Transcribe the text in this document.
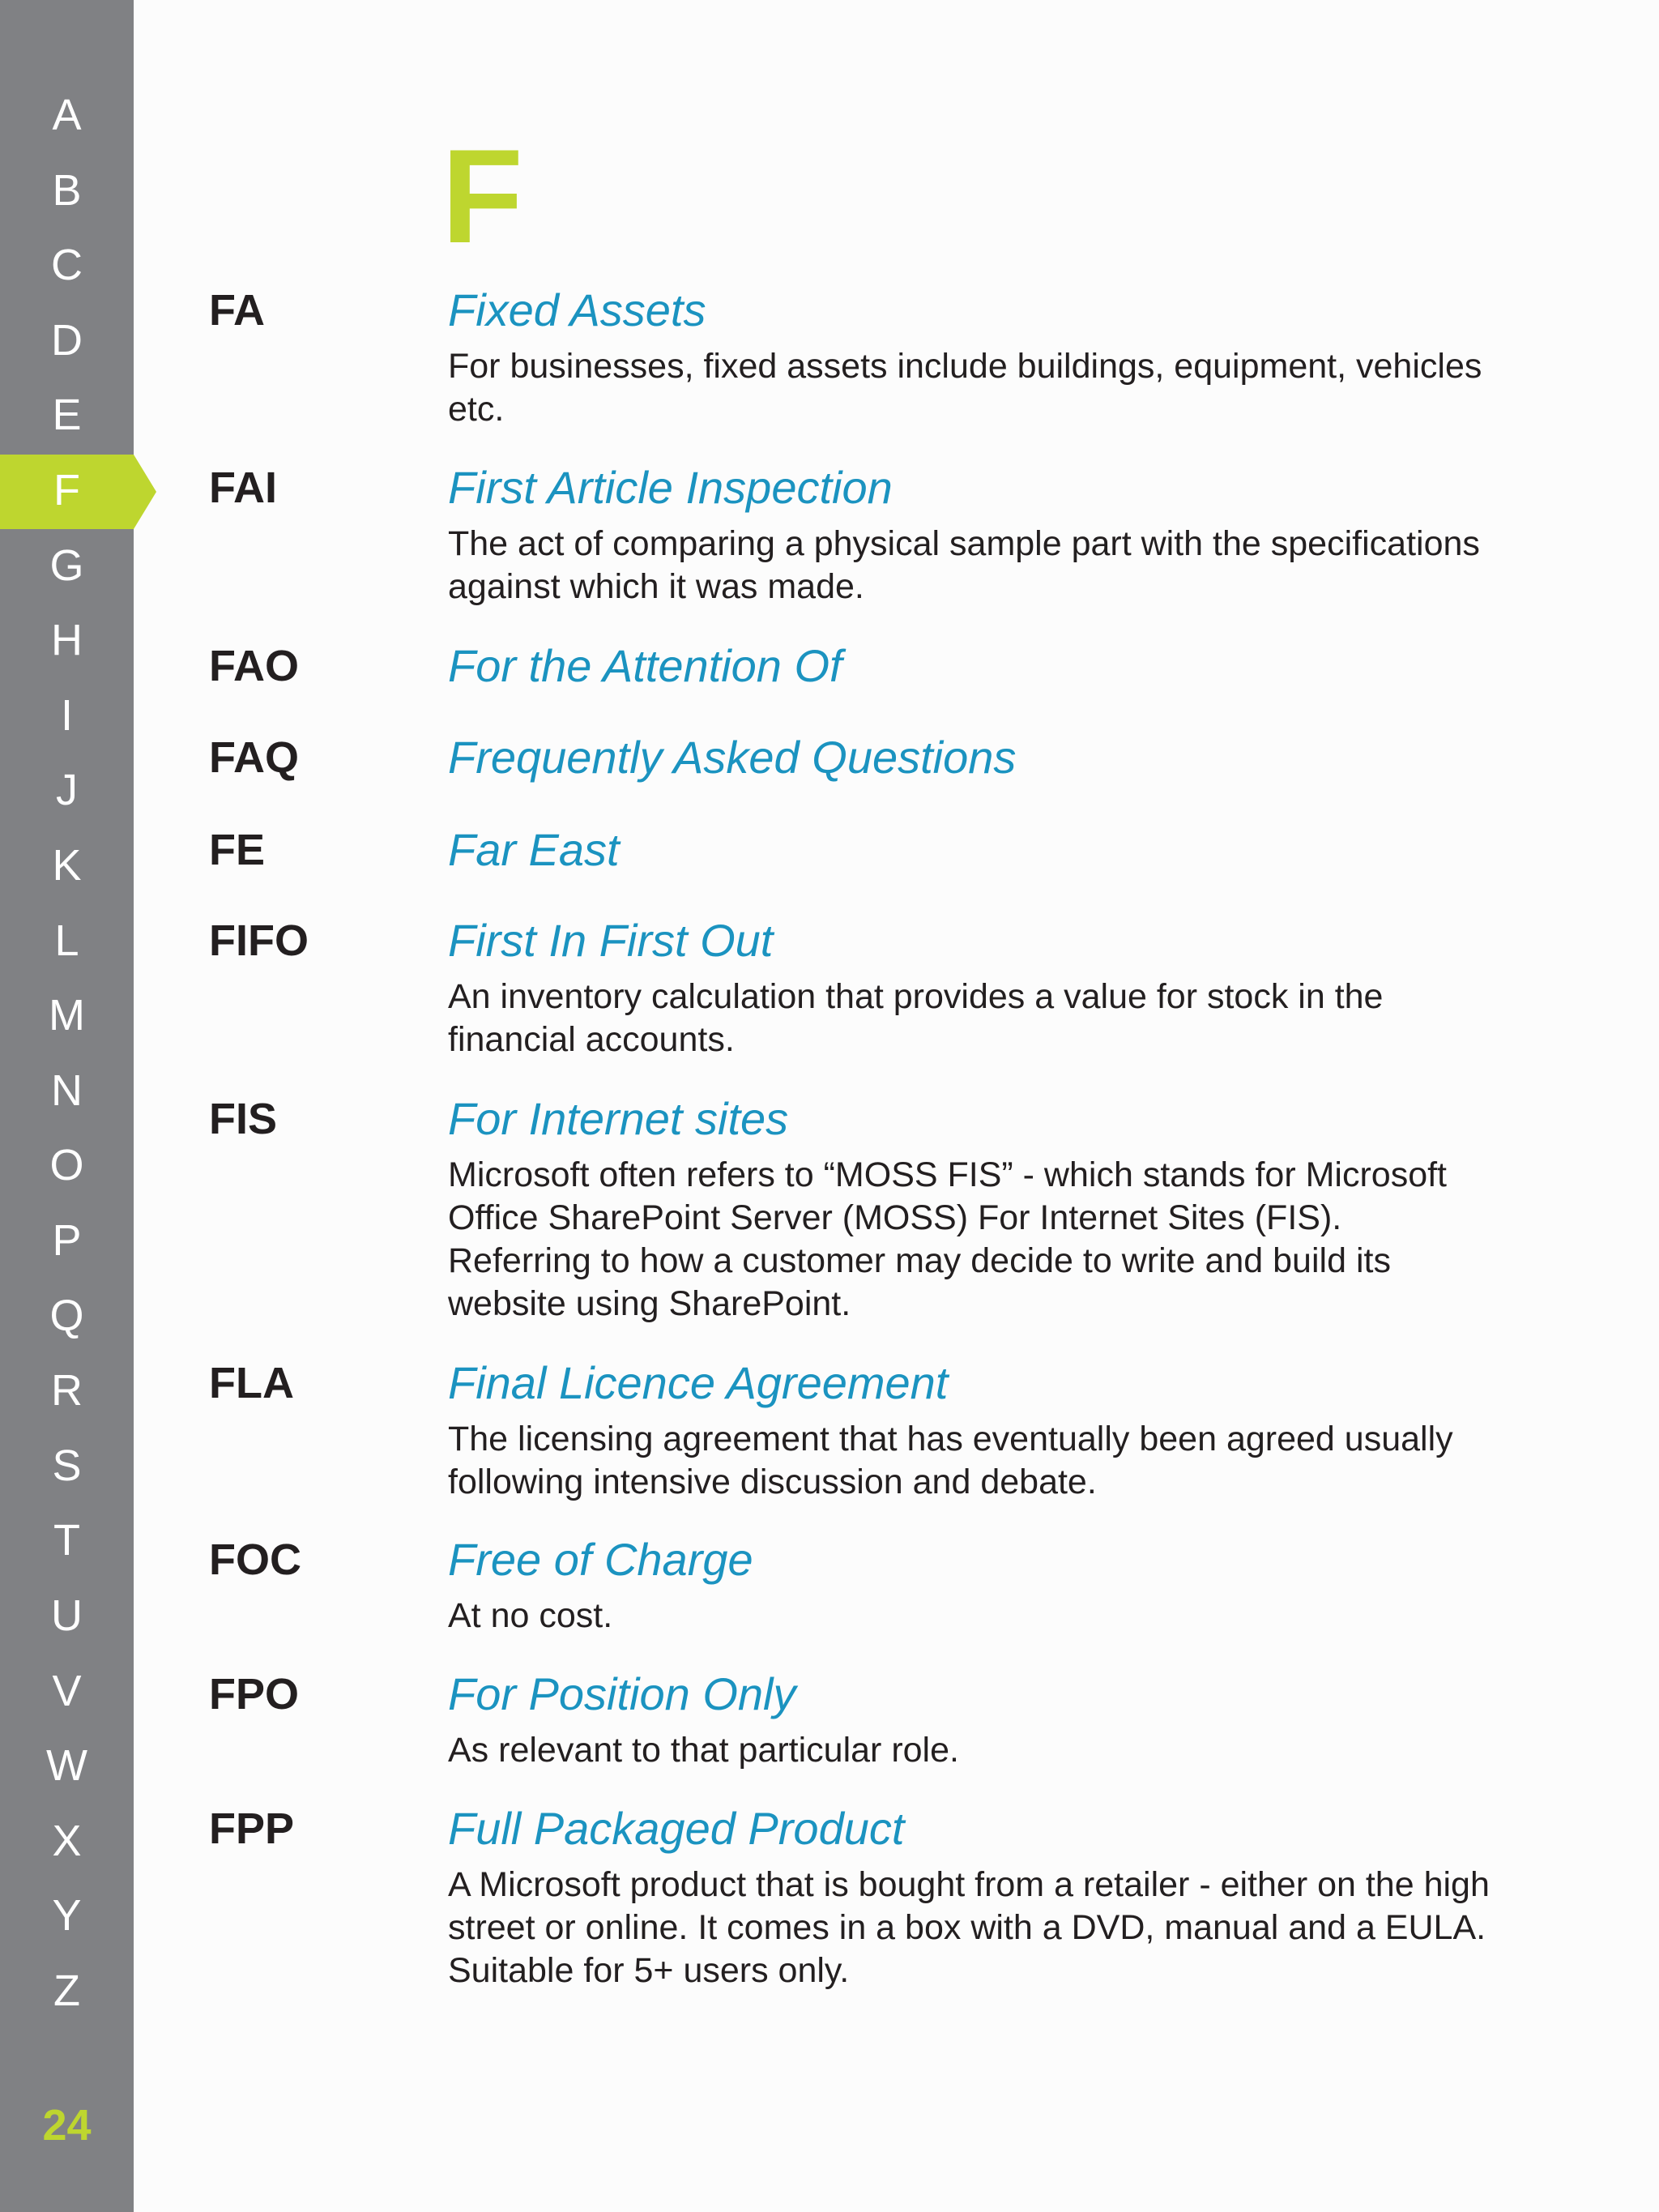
A
B
C
D
E
F
G
H
I
J
K
L
M
N
O
P
Q
R
S
T
U
V
W
X
Y
Z
24
F
FA	Fixed Assets
For businesses, fixed assets include buildings, equipment, vehicles etc.
FAI	First Article Inspection
The act of comparing a physical sample part with the specifications against which it was made.
FAO	For the Attention Of
FAQ	Frequently Asked Questions
FE	Far East
FIFO	First In First Out
An inventory calculation that provides a value for stock in the financial accounts.
FIS	For Internet sites
Microsoft often refers to “MOSS FIS” - which stands for Microsoft Office SharePoint Server (MOSS) For Internet Sites (FIS). Referring to how a customer may decide to write and build its website using SharePoint.
FLA	Final Licence Agreement
The licensing agreement that has eventually been agreed usually following intensive discussion and debate.
FOC	Free of Charge
At no cost.
FPO	For Position Only
As relevant to that particular role.
FPP	Full Packaged Product
A Microsoft product that is bought from a retailer - either on the high street or online. It comes in a box with a DVD, manual and a EULA. Suitable for 5+ users only.
